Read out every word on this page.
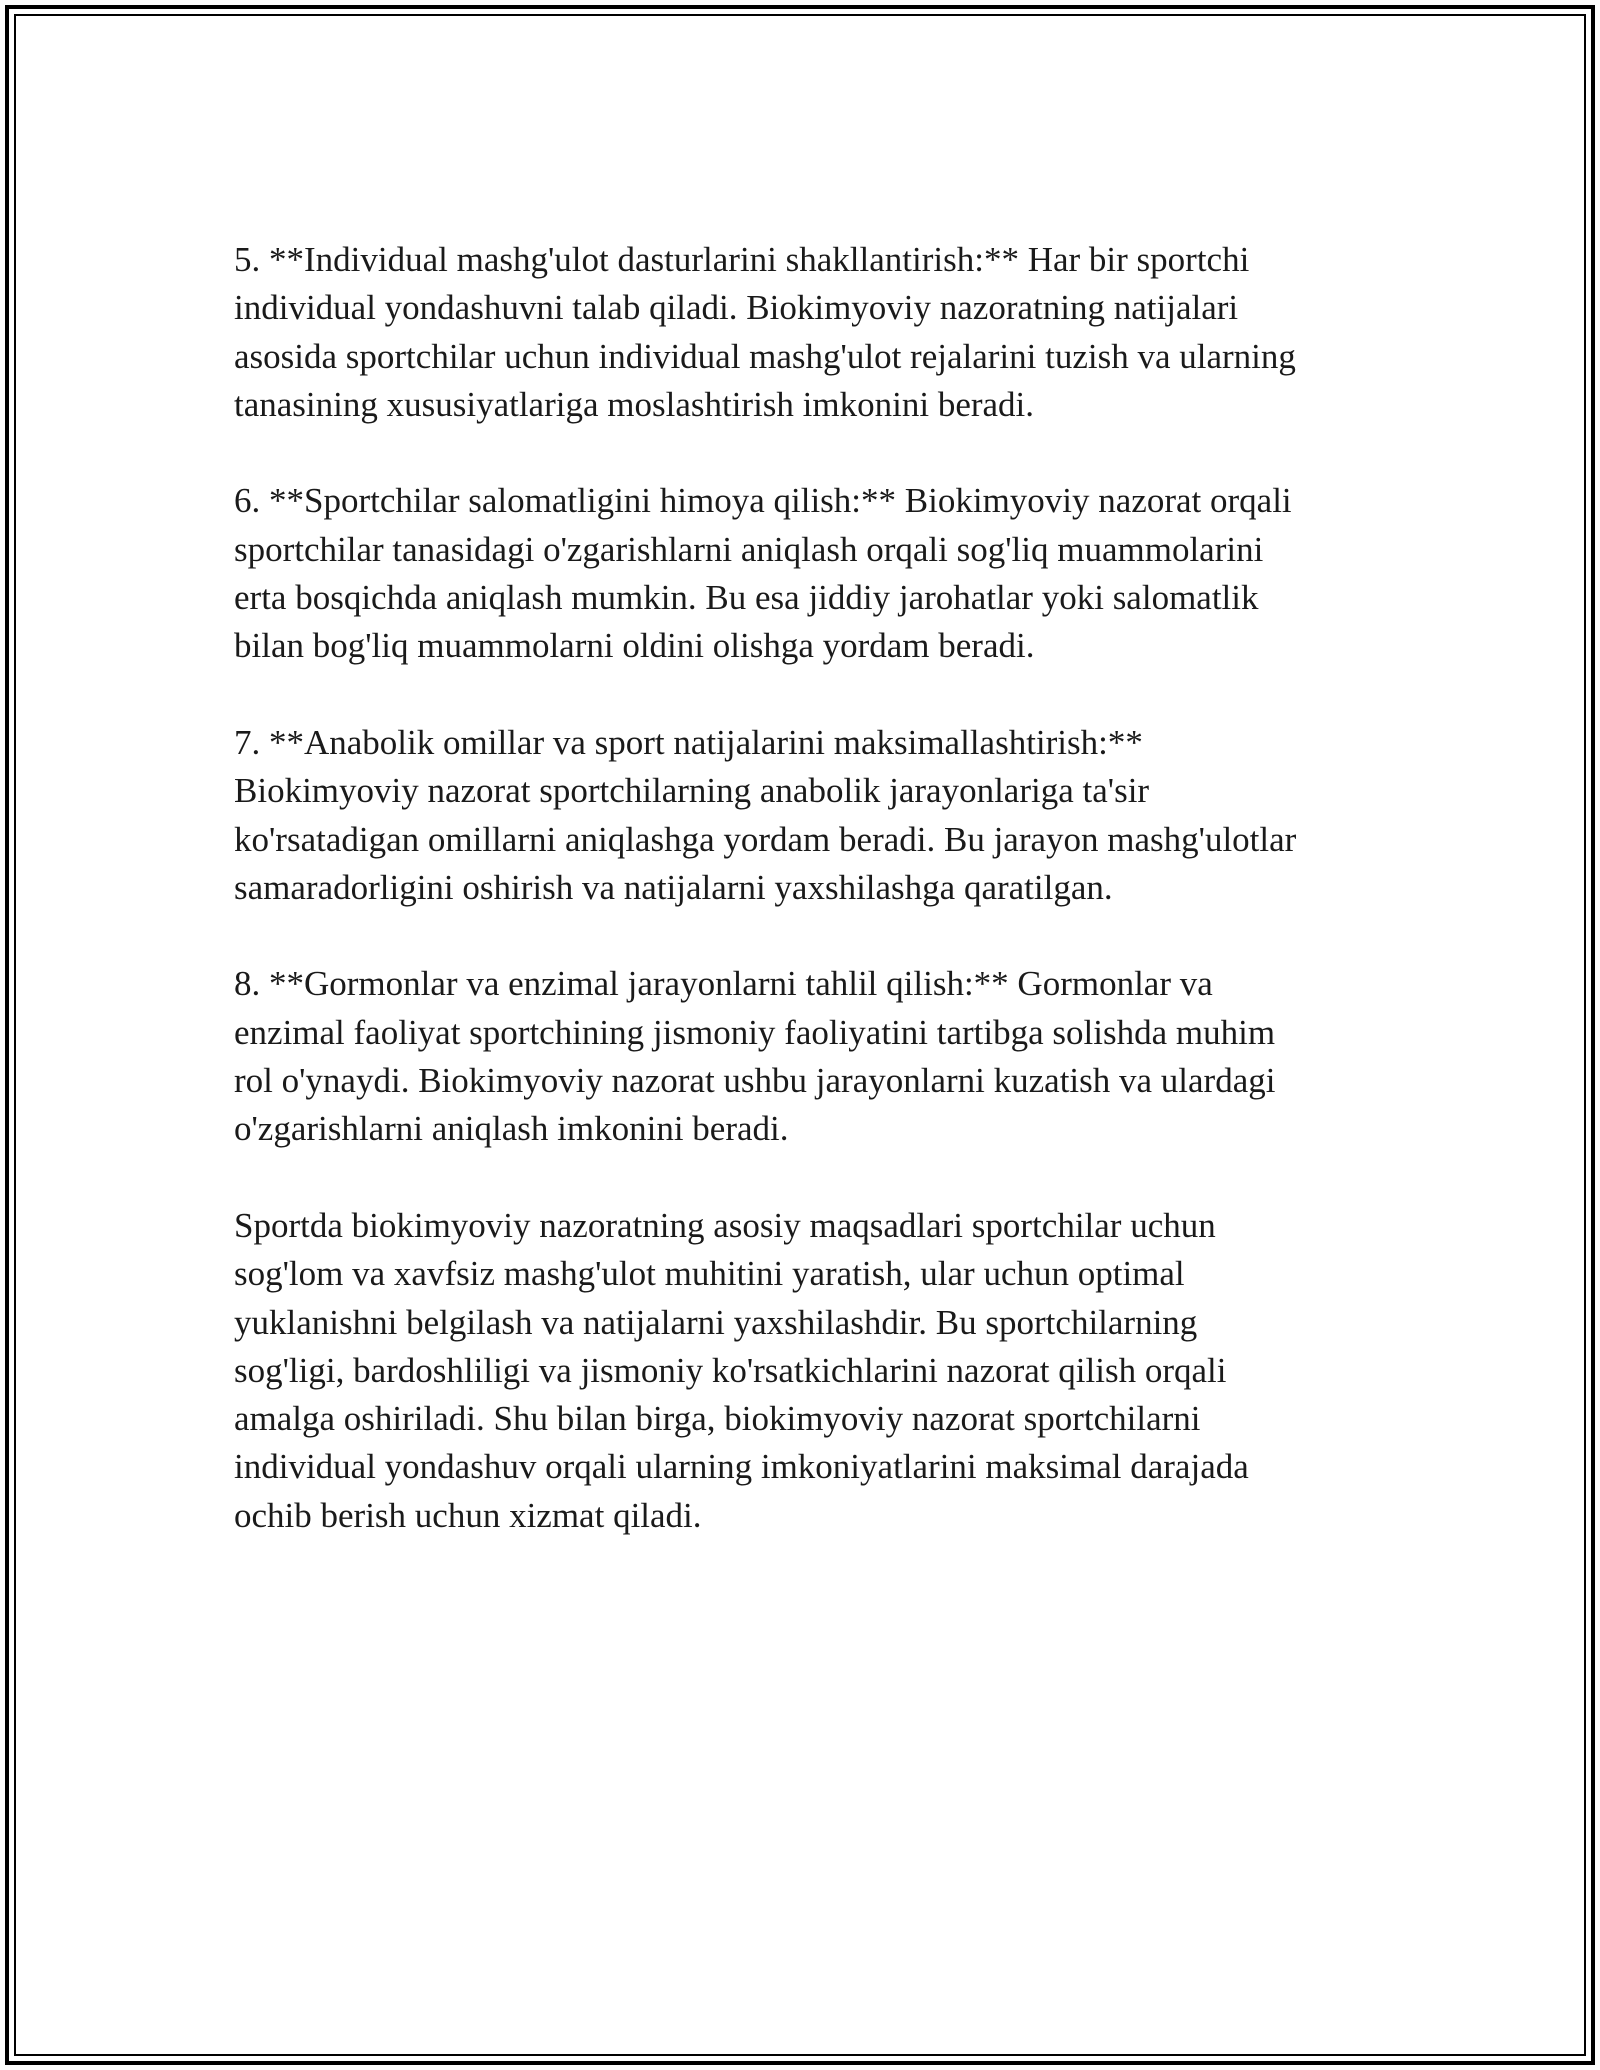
5. **Individual mashg'ulot dasturlarini shakllantirish:** Har bir sportchi
individual yondashuvni talab qiladi. Biokimyoviy nazoratning natijalari
asosida sportchilar uchun individual mashg'ulot rejalarini tuzish va ularning
tanasining xususiyatlariga moslashtirish imkonini beradi.

6. **Sportchilar salomatligini himoya qilish:** Biokimyoviy nazorat orqali
sportchilar tanasidagi o'zgarishlarni aniqlash orqali sog'liq muammolarini
erta bosqichda aniqlash mumkin. Bu esa jiddiy jarohatlar yoki salomatlik
bilan bog'liq muammolarni oldini olishga yordam beradi.

7. **Anabolik omillar va sport natijalarini maksimallashtirish:**
Biokimyoviy nazorat sportchilarning anabolik jarayonlariga ta'sir
ko'rsatadigan omillarni aniqlashga yordam beradi. Bu jarayon mashg'ulotlar
samaradorligini oshirish va natijalarni yaxshilashga qaratilgan.

8. **Gormonlar va enzimal jarayonlarni tahlil qilish:** Gormonlar va
enzimal faoliyat sportchining jismoniy faoliyatini tartibga solishda muhim
rol o'ynaydi. Biokimyoviy nazorat ushbu jarayonlarni kuzatish va ulardagi
o'zgarishlarni aniqlash imkonini beradi.

Sportda biokimyoviy nazoratning asosiy maqsadlari sportchilar uchun
sog'lom va xavfsiz mashg'ulot muhitini yaratish, ular uchun optimal
yuklanishni belgilash va natijalarni yaxshilashdir. Bu sportchilarning
sog'ligi, bardoshliligi va jismoniy ko'rsatkichlarini nazorat qilish orqali
amalga oshiriladi. Shu bilan birga, biokimyoviy nazorat sportchilarni
individual yondashuv orqali ularning imkoniyatlarini maksimal darajada
ochib berish uchun xizmat qiladi.
